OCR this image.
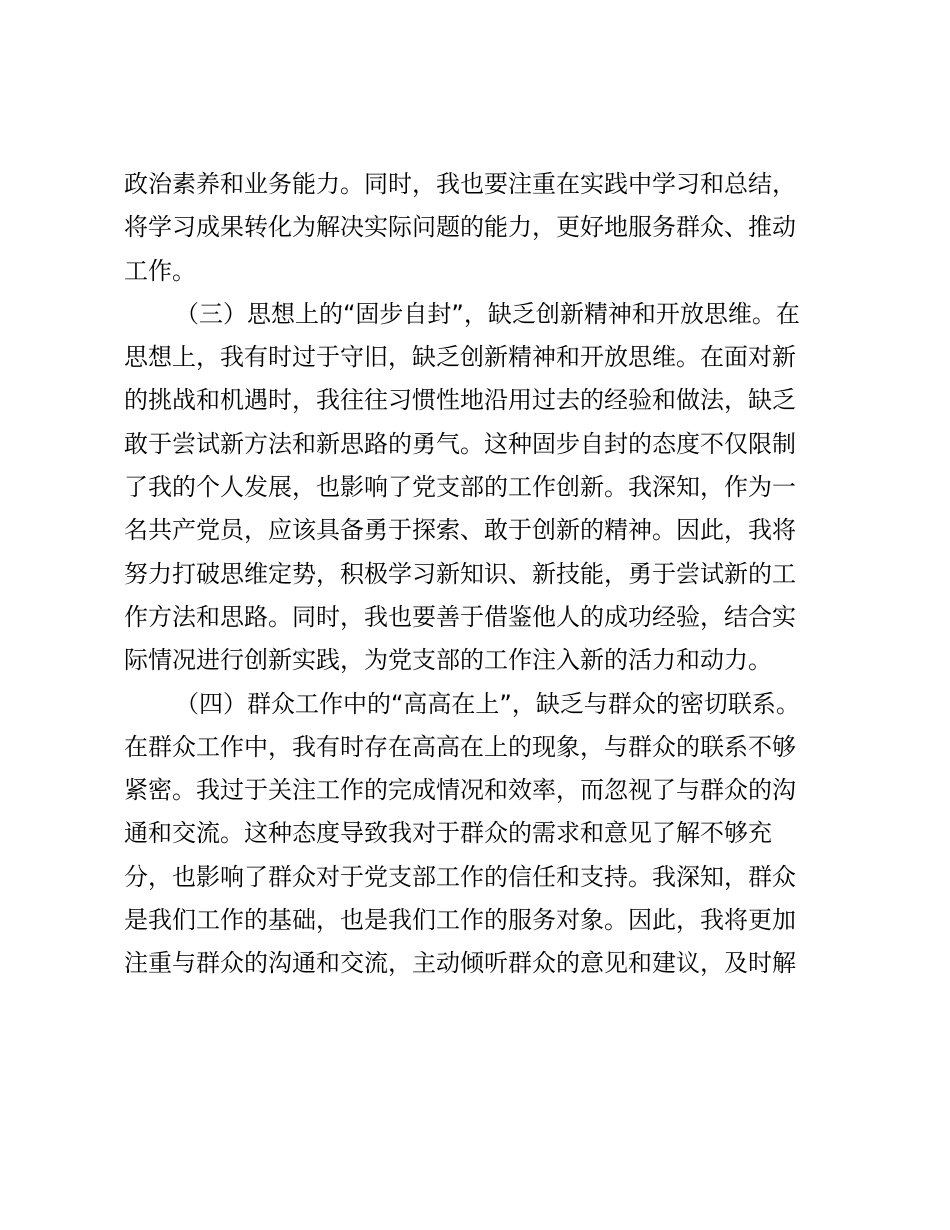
政治素养和业务能力。同时，我也要注重在实践中学习和总结，
将学习成果转化为解决实际问题的能力，更好地服务群众、推动
工作。
（三）思想上的“固步自封”，缺乏创新精神和开放思维。在
思想上，我有时过于守旧，缺乏创新精神和开放思维。在面对新
的挑战和机遇时，我往往习惯性地沿用过去的经验和做法，缺乏
敢于尝试新方法和新思路的勇气。这种固步自封的态度不仅限制
了我的个人发展，也影响了党支部的工作创新。我深知，作为一
名共产党员，应该具备勇于探索、敢于创新的精神。因此，我将
努力打破思维定势，积极学习新知识、新技能，勇于尝试新的工
作方法和思路。同时，我也要善于借鉴他人的成功经验，结合实
际情况进行创新实践，为党支部的工作注入新的活力和动力。
（四）群众工作中的“高高在上”，缺乏与群众的密切联系。
在群众工作中，我有时存在高高在上的现象，与群众的联系不够
紧密。我过于关注工作的完成情况和效率，而忽视了与群众的沟
通和交流。这种态度导致我对于群众的需求和意见了解不够充
分，也影响了群众对于党支部工作的信任和支持。我深知，群众
是我们工作的基础，也是我们工作的服务对象。因此，我将更加
注重与群众的沟通和交流，主动倾听群众的意见和建议，及时解
